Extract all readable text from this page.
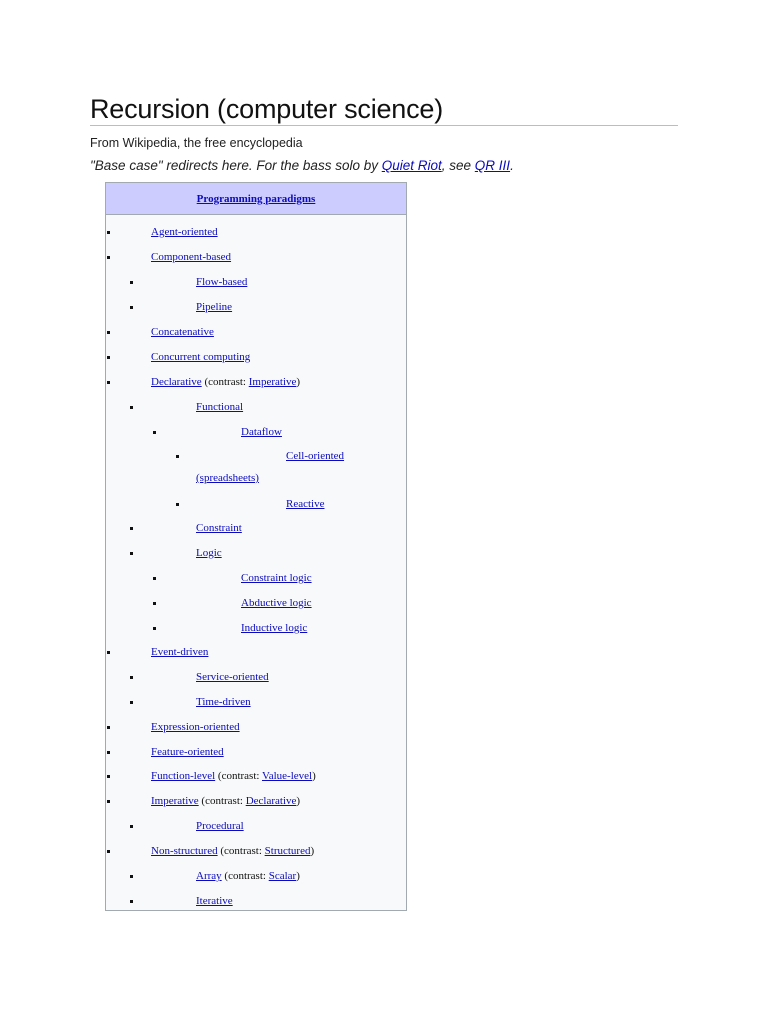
Recursion (computer science)
From Wikipedia, the free encyclopedia
"Base case" redirects here. For the bass solo by Quiet Riot, see QR III.
Programming paradigms
Agent-oriented
Component-based
Flow-based
Pipeline
Concatenative
Concurrent computing
Declarative (contrast: Imperative)
Functional
Dataflow
Cell-oriented
(spreadsheets)
Reactive
Constraint
Logic
Constraint logic
Abductive logic
Inductive logic
Event-driven
Service-oriented
Time-driven
Expression-oriented
Feature-oriented
Function-level (contrast: Value-level)
Imperative (contrast: Declarative)
Procedural
Non-structured (contrast: Structured)
Array (contrast: Scalar)
Iterative
